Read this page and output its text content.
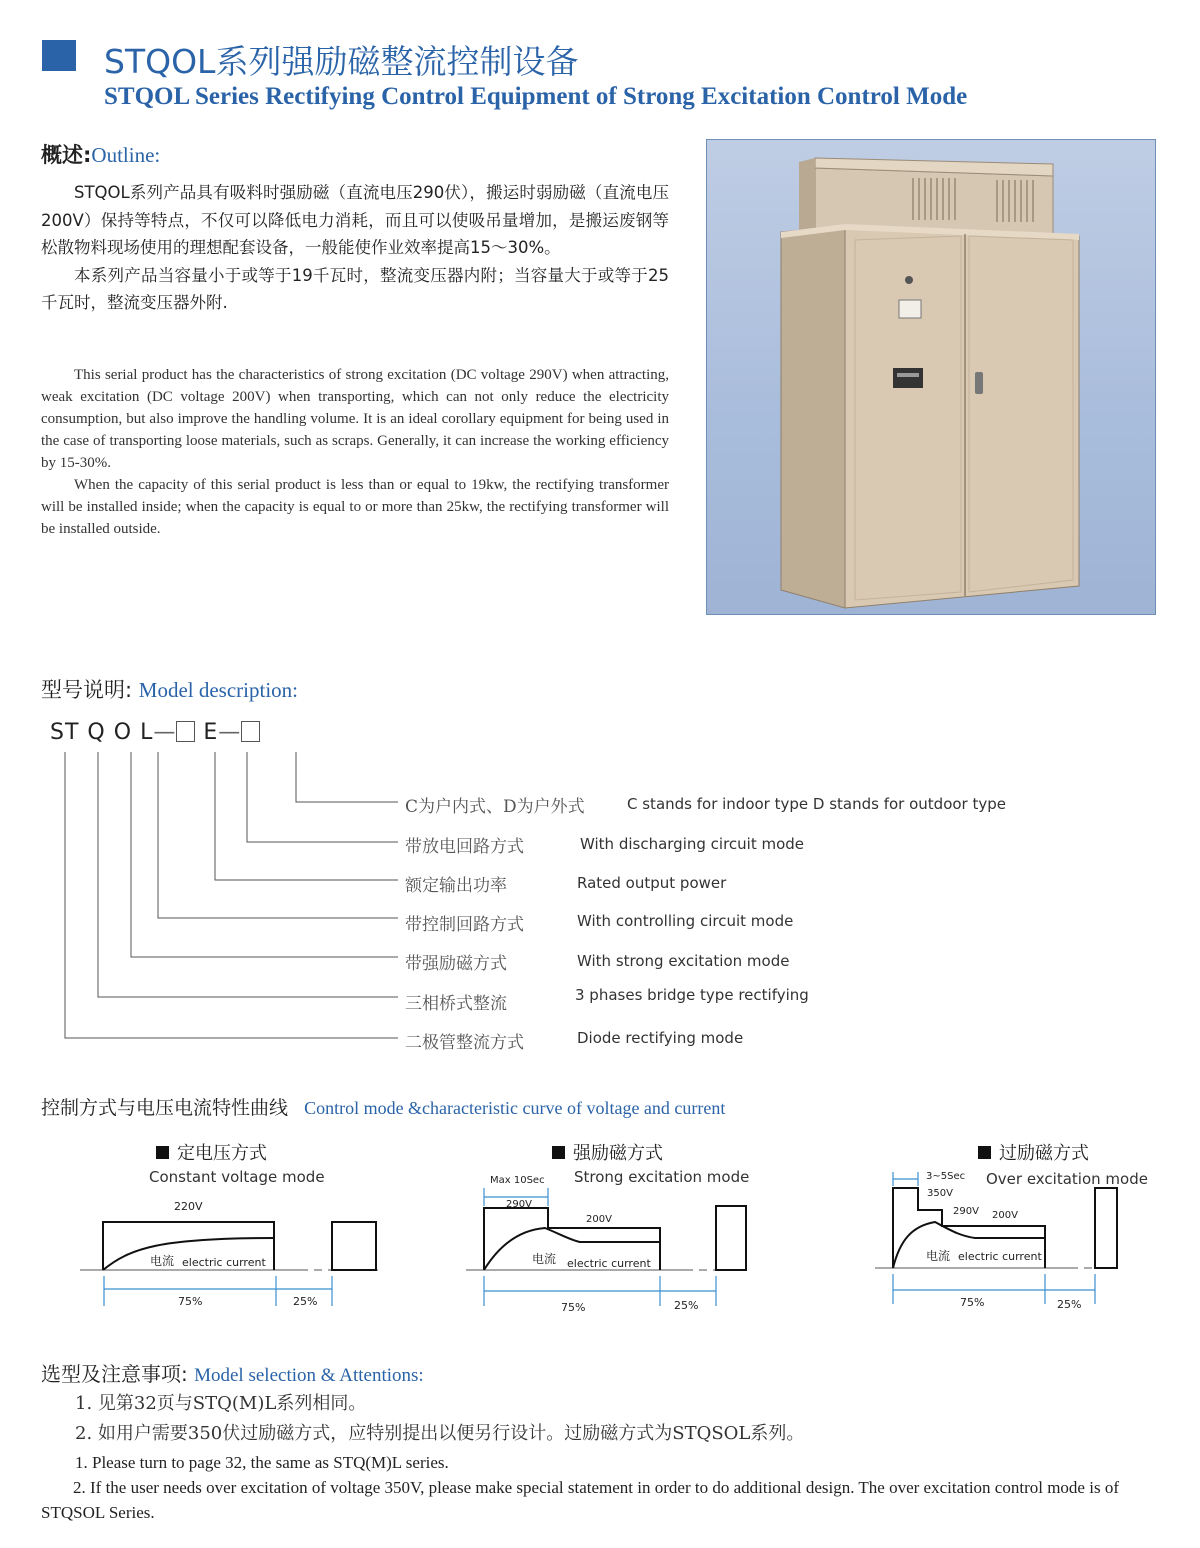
STQOL系列强励磁整流控制设备
STQOL Series Rectifying Control Equipment of Strong Excitation Control Mode
概述:Outline:

STQOL系列产品具有吸料时强励磁（直流电压290伏），搬运时弱励磁（直流电压200V）保持等特点，不仅可以降低电力消耗，而且可以使吸吊量增加，是搬运废钢等松散物料现场使用的理想配套设备，一般能使作业效率提高15～30%。

本系列产品当容量小于或等于19千瓦时，整流变压器内附；当容量大于或等于25千瓦时，整流变压器外附.

This serial product has the characteristics of strong excitation (DC voltage 290V) when attracting, weak excitation (DC voltage 200V) when transporting, which can not only reduce the electricity consumption, but also improve the handling volume. It is an ideal corollary equipment for being used in the case of transporting loose materials, such as scraps. Generally, it can increase the working efficiency by 15-30%.

When the capacity of this serial product is less than or equal to 19kw, the rectifying transformer will be installed inside; when the capacity is equal to or more than 25kw, the rectifying transformer will be installed outside.

型号说明: Model description:
ST Q O L— E—
C为户内式、D为户外式	C stands for indoor type D stands for outdoor type
带放电回路方式	With discharging circuit mode
额定输出功率	Rated output power
带控制回路方式	With controlling circuit mode
带强励磁方式	With strong excitation mode
三相桥式整流	3 phases bridge type rectifying
二极管整流方式	Diode rectifying mode
控制方式与电压电流特性曲线 Control mode &characteristic curve of voltage and current
定电压方式
Constant voltage mode
强励磁方式
Strong excitation mode
过励磁方式
Over excitation mode
220V
电流 electric current
75%	25%
Max 10Sec
290V
200V
电流 electric current
75%	25%
3~5Sec
350V
290V 200V
电流 electric current
75%	25%
选型及注意事项: Model selection & Attentions:
1. 见第32页与STQ(M)L系列相同。
2. 如用户需要350伏过励磁方式，应特别提出以便另行设计。过励磁方式为STQSOL系列。

1. Please turn to page 32, the same as STQ(M)L series.

2. If the user needs over excitation of voltage 350V, please make special statement in order to do additional design. The over excitation control mode is of STQSOL Series.
